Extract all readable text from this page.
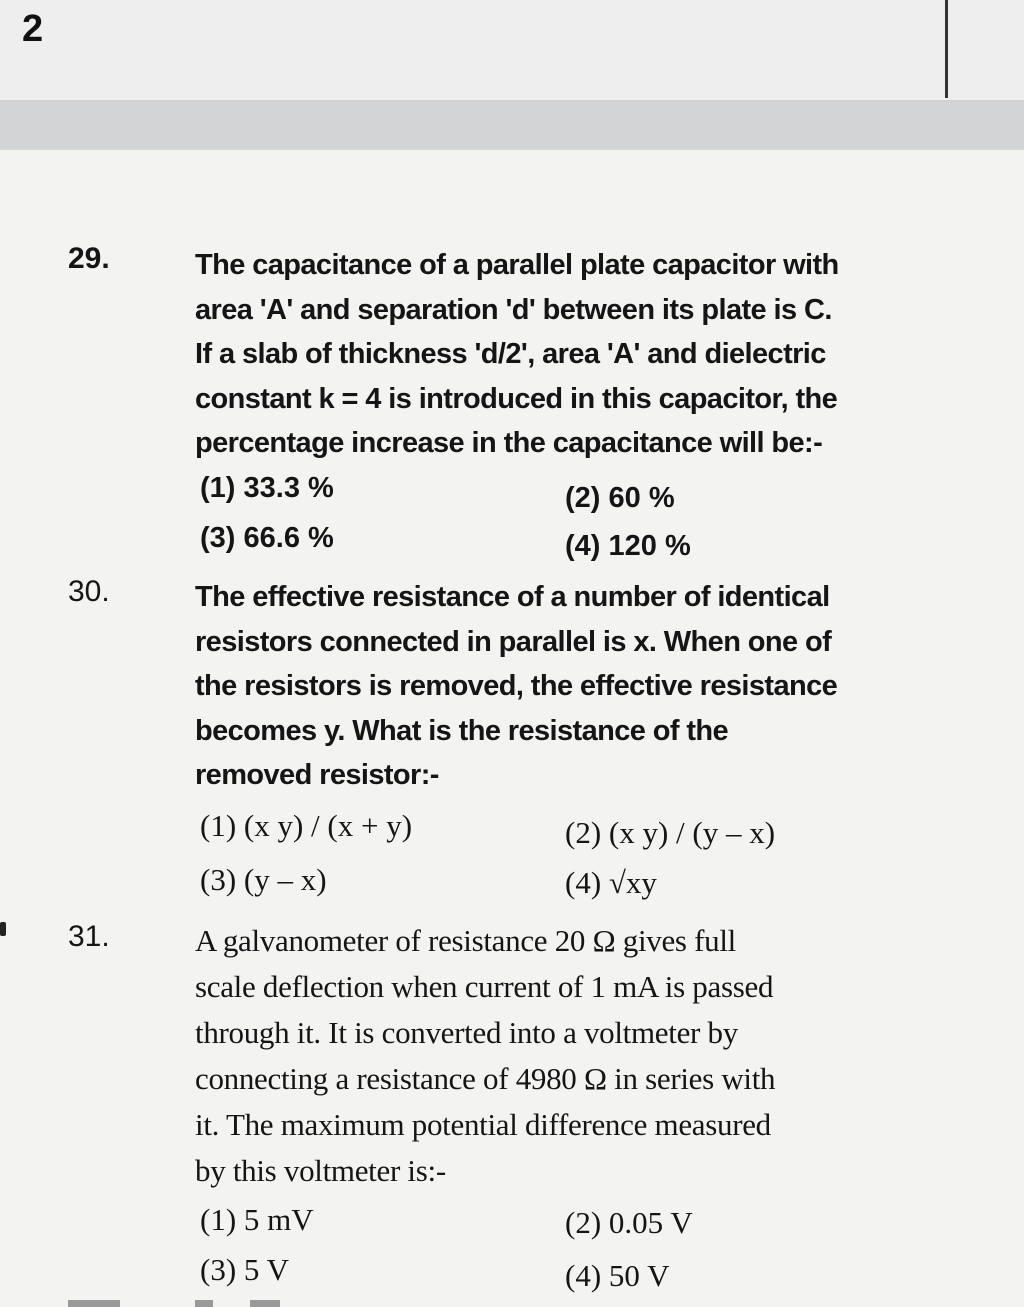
2
29.	The capacitance of a parallel plate capacitor with
area 'A' and separation 'd' between its plate is C.
If a slab of thickness 'd/2', area 'A' and dielectric
constant k = 4 is introduced in this capacitor, the
percentage increase in the capacitance will be:-
(1) 33.3 %	(2) 60 %
(3) 66.6 %	(4) 120 %
30.	The effective resistance of a number of identical
resistors connected in parallel is x. When one of
the resistors is removed, the effective resistance
becomes y. What is the resistance of the
removed resistor:-
(1) (x y) / (x + y)	(2) (x y) / (y – x)
(3) (y – x)	(4) √xy
31.	A galvanometer of resistance 20 Ω gives full
scale deflection when current of 1 mA is passed
through it. It is converted into a voltmeter by
connecting a resistance of 4980 Ω in series with
it. The maximum potential difference measured
by this voltmeter is:-
(1) 5 mV	(2) 0.05 V
(3) 5 V	(4) 50 V
